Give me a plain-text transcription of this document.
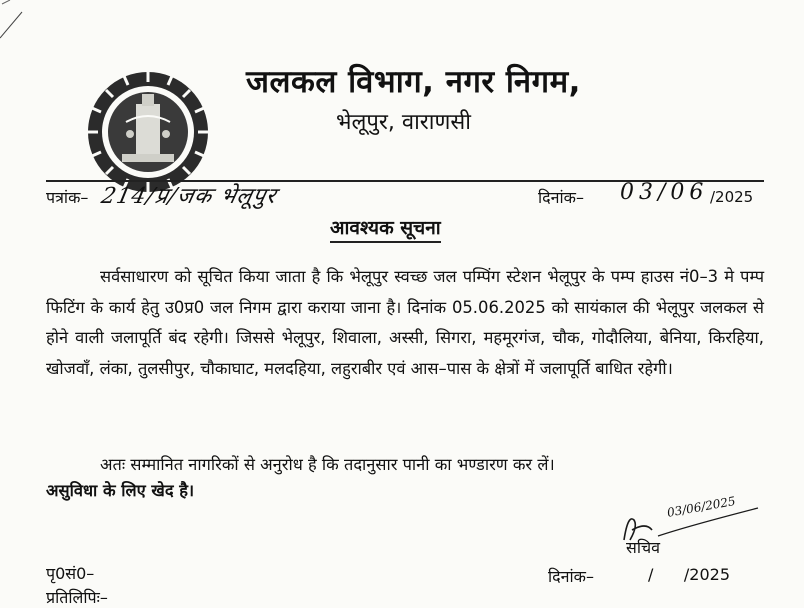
जलकल विभाग, नगर निगम,
भेलूपुर, वाराणसी
पत्रांक– 214/प्र/जक भेलूपुर	दिनांक– 03/06 /2025
आवश्यक सूचना
सर्वसाधारण को सूचित किया जाता है कि भेलूपुर स्वच्छ जल पम्पिंग स्टेशन भेलूपुर के पम्प हाउस नं0–3 मे पम्प फिटिंग के कार्य हेतु उ0प्र0 जल निगम द्वारा कराया जाना है। दिनांक 05.06.2025 को सायंकाल की भेलूपुर जलकल से होने वाली जलापूर्ति बंद रहेगी। जिससे भेलूपुर, शिवाला, अस्सी, सिगरा, महमूरगंज, चौक, गोदौलिया, बेनिया, किरहिया, खोजवॉं, लंका, तुलसीपुर, चौकाघाट, मलदहिया, लहुराबीर एवं आस–पास के क्षेत्रों में जलापूर्ति बाधित रहेगी।
अतः सम्मानित नागरिकों से अनुरोध है कि तदानुसार पानी का भण्डारण कर लें।
असुविधा के लिए खेद है।
03/06/2025
सचिव
पृ0सं0–
प्रतिलिपिः–
दिनांक–	/      /2025
